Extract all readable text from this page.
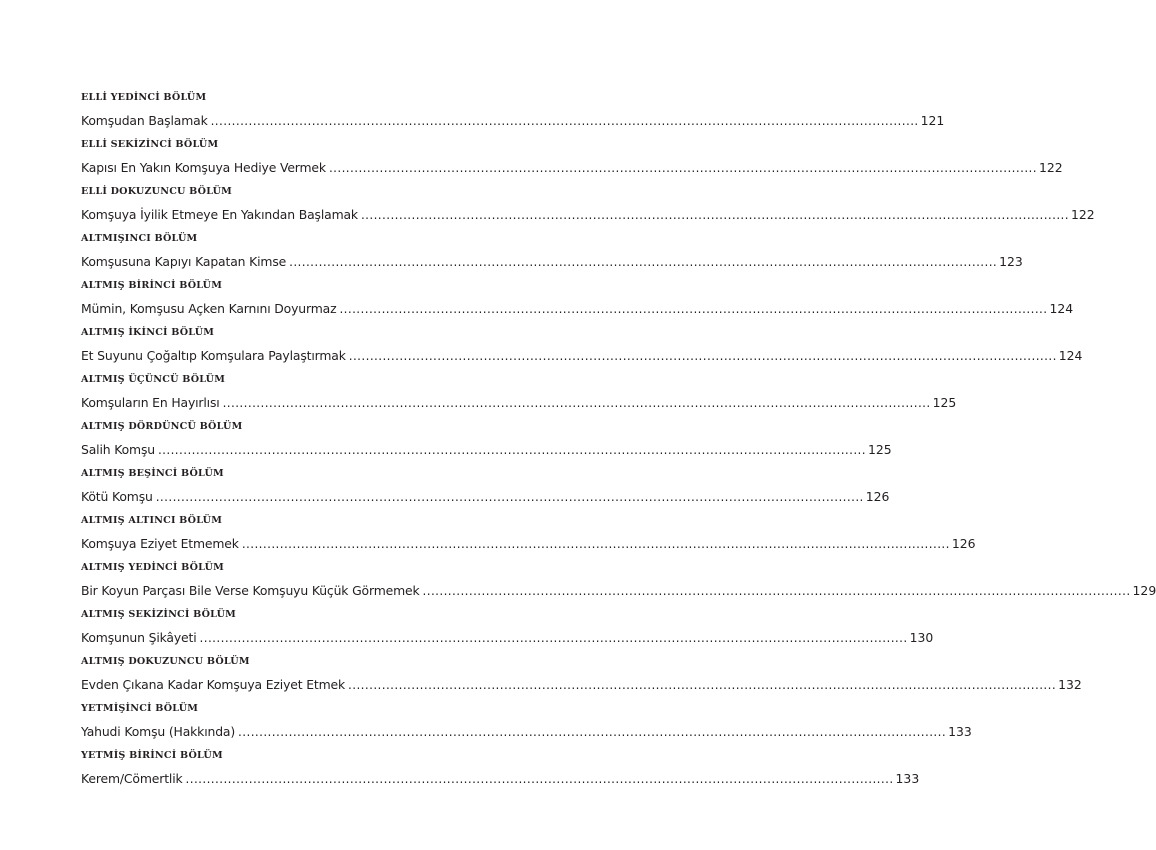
ELLİ YEDİNCİ BÖLÜM
Komşudan Başlamak ........................................................................................................................................................................ 121
ELLİ SEKİZİNCİ BÖLÜM
Kapısı En Yakın Komşuya Hediye Vermek ........................................................................................................................................................................ 122
ELLİ DOKUZUNCU BÖLÜM
Komşuya İyilik Etmeye En Yakından Başlamak ........................................................................................................................................................................ 122
ALTMIŞINCI BÖLÜM
Komşusuna Kapıyı Kapatan Kimse ........................................................................................................................................................................ 123
ALTMIŞ BİRİNCİ BÖLÜM
Mümin, Komşusu Açken Karnını Doyurmaz ........................................................................................................................................................................ 124
ALTMIŞ İKİNCİ BÖLÜM
Et Suyunu Çoğaltıp Komşulara Paylaştırmak ........................................................................................................................................................................ 124
ALTMIŞ ÜÇÜNCÜ BÖLÜM
Komşuların En Hayırlısı ........................................................................................................................................................................ 125
ALTMIŞ DÖRDÜNCÜ BÖLÜM
Salih Komşu ........................................................................................................................................................................ 125
ALTMIŞ BEŞİNCİ BÖLÜM
Kötü Komşu ........................................................................................................................................................................ 126
ALTMIŞ ALTINCI BÖLÜM
Komşuya Eziyet Etmemek ........................................................................................................................................................................ 126
ALTMIŞ YEDİNCİ BÖLÜM
Bir Koyun Parçası Bile Verse Komşuyu Küçük Görmemek ........................................................................................................................................................................ 129
ALTMIŞ SEKİZİNCİ BÖLÜM
Komşunun Şikâyeti ........................................................................................................................................................................ 130
ALTMIŞ DOKUZUNCU BÖLÜM
Evden Çıkana Kadar Komşuya Eziyet Etmek ........................................................................................................................................................................ 132
YETMİŞİNCİ BÖLÜM
Yahudi Komşu (Hakkında) ........................................................................................................................................................................ 133
YETMİŞ BİRİNCİ BÖLÜM
Kerem/Cömertlik ........................................................................................................................................................................ 133
